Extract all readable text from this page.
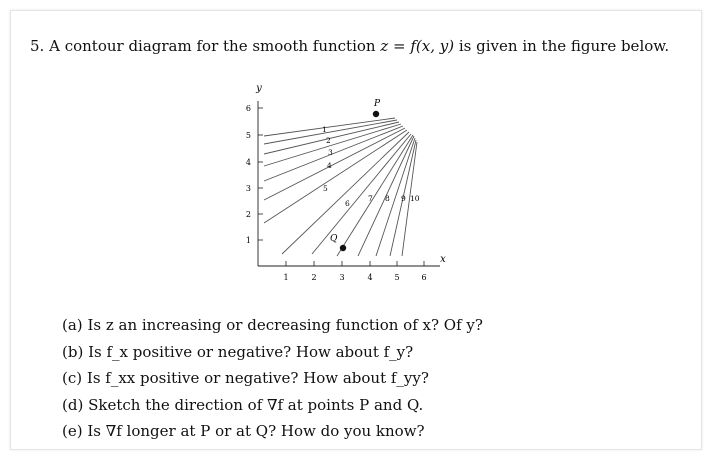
5. A contour diagram for the smooth function z = f(x, y) is given in the figure below.
y
x
1
2
3
4
5
6
1	2	3	4	5	6
1
2
3
4
5
6
7 8 9 10
P
Q
(a) Is z an increasing or decreasing function of x? Of y?
(b) Is f_x positive or negative? How about f_y?
(c) Is f_xx positive or negative? How about f_yy?
(d) Sketch the direction of ∇f at points P and Q.
(e) Is ∇f longer at P or at Q? How do you know?
